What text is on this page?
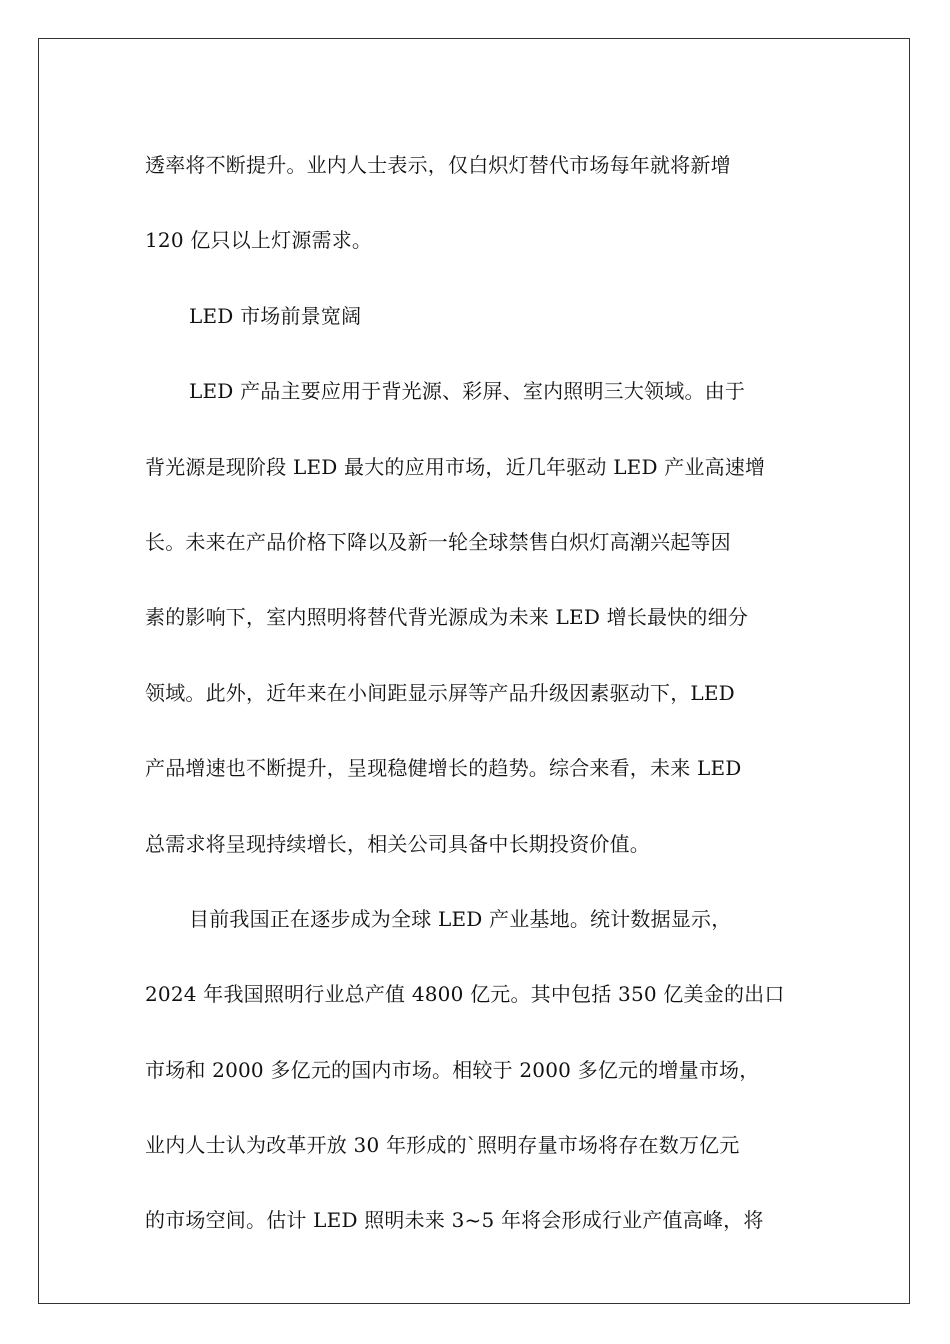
透率将不断提升。业内人士表示，仅白炽灯替代市场每年就将新增
120 亿只以上灯源需求。
LED 市场前景宽阔
LED 产品主要应用于背光源、彩屏、室内照明三大领域。由于
背光源是现阶段 LED 最大的应用市场，近几年驱动 LED 产业高速增
长。未来在产品价格下降以及新一轮全球禁售白炽灯高潮兴起等因
素的影响下，室内照明将替代背光源成为未来 LED 增长最快的细分
领域。此外，近年来在小间距显示屏等产品升级因素驱动下，LED
产品增速也不断提升，呈现稳健增长的趋势。综合来看，未来 LED
总需求将呈现持续增长，相关公司具备中长期投资价值。
目前我国正在逐步成为全球 LED 产业基地。统计数据显示，
2024 年我国照明行业总产值 4800 亿元。其中包括 350 亿美金的出口
市场和 2000 多亿元的国内市场。相较于 2000 多亿元的增量市场，
业内人士认为改革开放 30 年形成的`照明存量市场将存在数万亿元
的市场空间。估计 LED 照明未来 3~5 年将会形成行业产值高峰，将
